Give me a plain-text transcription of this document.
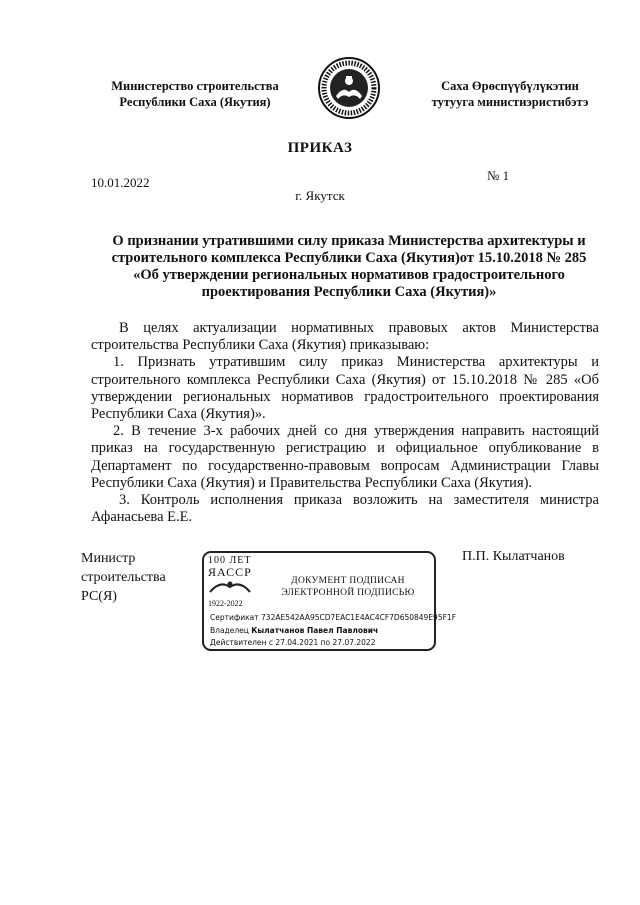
Министерство строительства
Республики Саха (Якутия)
Саха Өрөспүүбүлүкэтин
тутууга министиэристибэтэ
ПРИКАЗ
10.01.2022	№ 1
г. Якутск
О признании утратившими силу приказа Министерства архитектуры и
строительного комплекса Республики Саха (Якутия)от 15.10.2018 № 285
«Об утверждении региональных нормативов градостроительного
проектирования Республики Саха (Якутия)»

В целях актуализации нормативных правовых актов Министерства строительства Республики Саха (Якутия) приказываю:

1. Признать утратившим силу приказ Министерства архитектуры и строительного комплекса Республики Саха (Якутия) от 15.10.2018 № 285 «Об утверждении региональных нормативов градостроительного проектирования Республики Саха (Якутия)».

2. В течение 3-х рабочих дней со дня утверждения направить настоящий приказ на государственную регистрацию и официальное опубликование в Департамент по государственно-правовым вопросам Администрации Главы Республики Саха (Якутия) и Правительства Республики Саха (Якутия).

3. Контроль исполнения приказа возложить на заместителя министра Афанасьева Е.Е.

Министр
строительства
РС(Я)
100 ЛЕТ
ЯАССР
1922-2022
ДОКУМЕНТ ПОДПИСАН
ЭЛЕКТРОННОЙ ПОДПИСЬЮ
Сертификат 732AE542AA95CD7EAC1E4AC4CF7D650849E95F1F
Владелец Кылатчанов Павел Павлович
Действителен с 27.04.2021 по 27.07.2022
П.П. Кылатчанов
